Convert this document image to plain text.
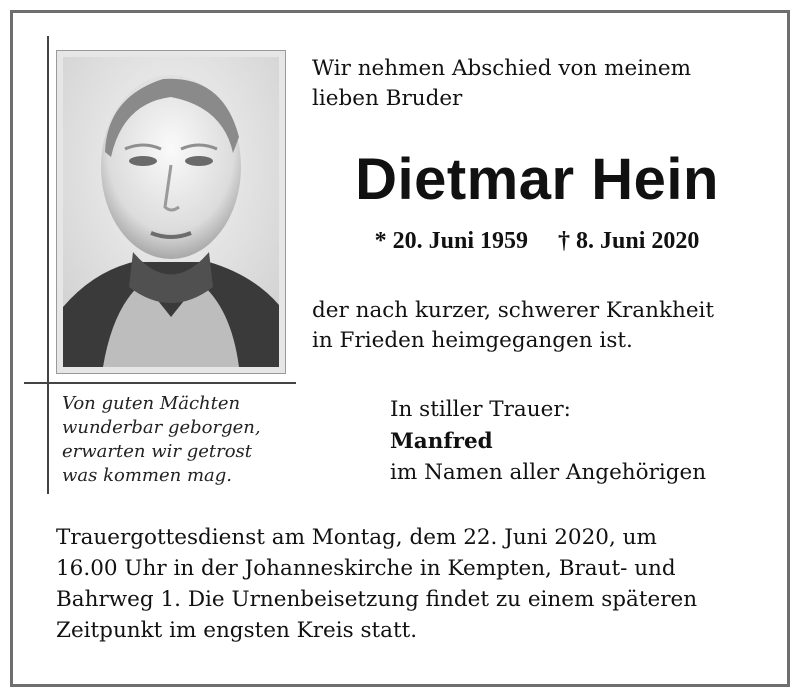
Von guten Mächten
wunderbar geborgen,
erwarten wir getrost
was kommen mag.
Wir nehmen Abschied von meinem
lieben Bruder
Dietmar Hein
* 20. Juni 1959 † 8. Juni 2020
der nach kurzer, schwerer Krankheit
in Frieden heimgegangen ist.
In stiller Trauer:
Manfred
im Namen aller Angehörigen
Trauergottesdienst am Montag, dem 22. Juni 2020, um
16.00 Uhr in der Johanneskirche in Kempten, Braut- und
Bahrweg 1. Die Urnenbeisetzung findet zu einem späteren
Zeitpunkt im engsten Kreis statt.
